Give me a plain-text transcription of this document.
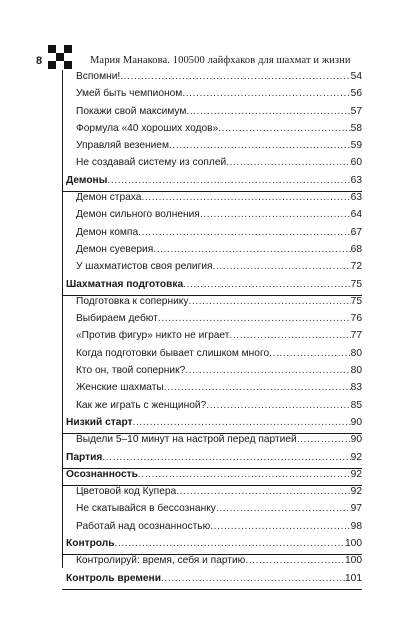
8	Мария Манакова. 100500 лайфхаков для шахмат и жизни
Вспомни! .....	54
Умей быть чемпионом .....	56
Покажи свой максимум .....	57
Формула «40 хороших ходов» .....	58
Управляй везением .....	59
Не создавай систему из соплей .....	60
Демоны .....	63
Демон страха .....	63
Демон сильного волнения .....	64
Демон компа .....	67
Демон суеверия .....	68
У шахматистов своя религия .....	72
Шахматная подготовка .....	75
Подготовка к сопернику .....	75
Выбираем дебют .....	76
«Против фигур» никто не играет .....	77
Когда подготовки бывает слишком много .....	80
Кто он, твой соперник? .....	80
Женские шахматы .....	83
Как же играть с женщиной? .....	85
Низкий старт .....	90
Выдели 5–10 минут на настрой перед партией .....	90
Партия .....	92
Осознанность .....	92
Цветовой код Купера .....	92
Не скатывайся в бессознанку .....	97
Работай над осознанностью .....	98
Контроль .....	100
Контролируй: время, себя и партию .....	100
Контроль времени .....	101
